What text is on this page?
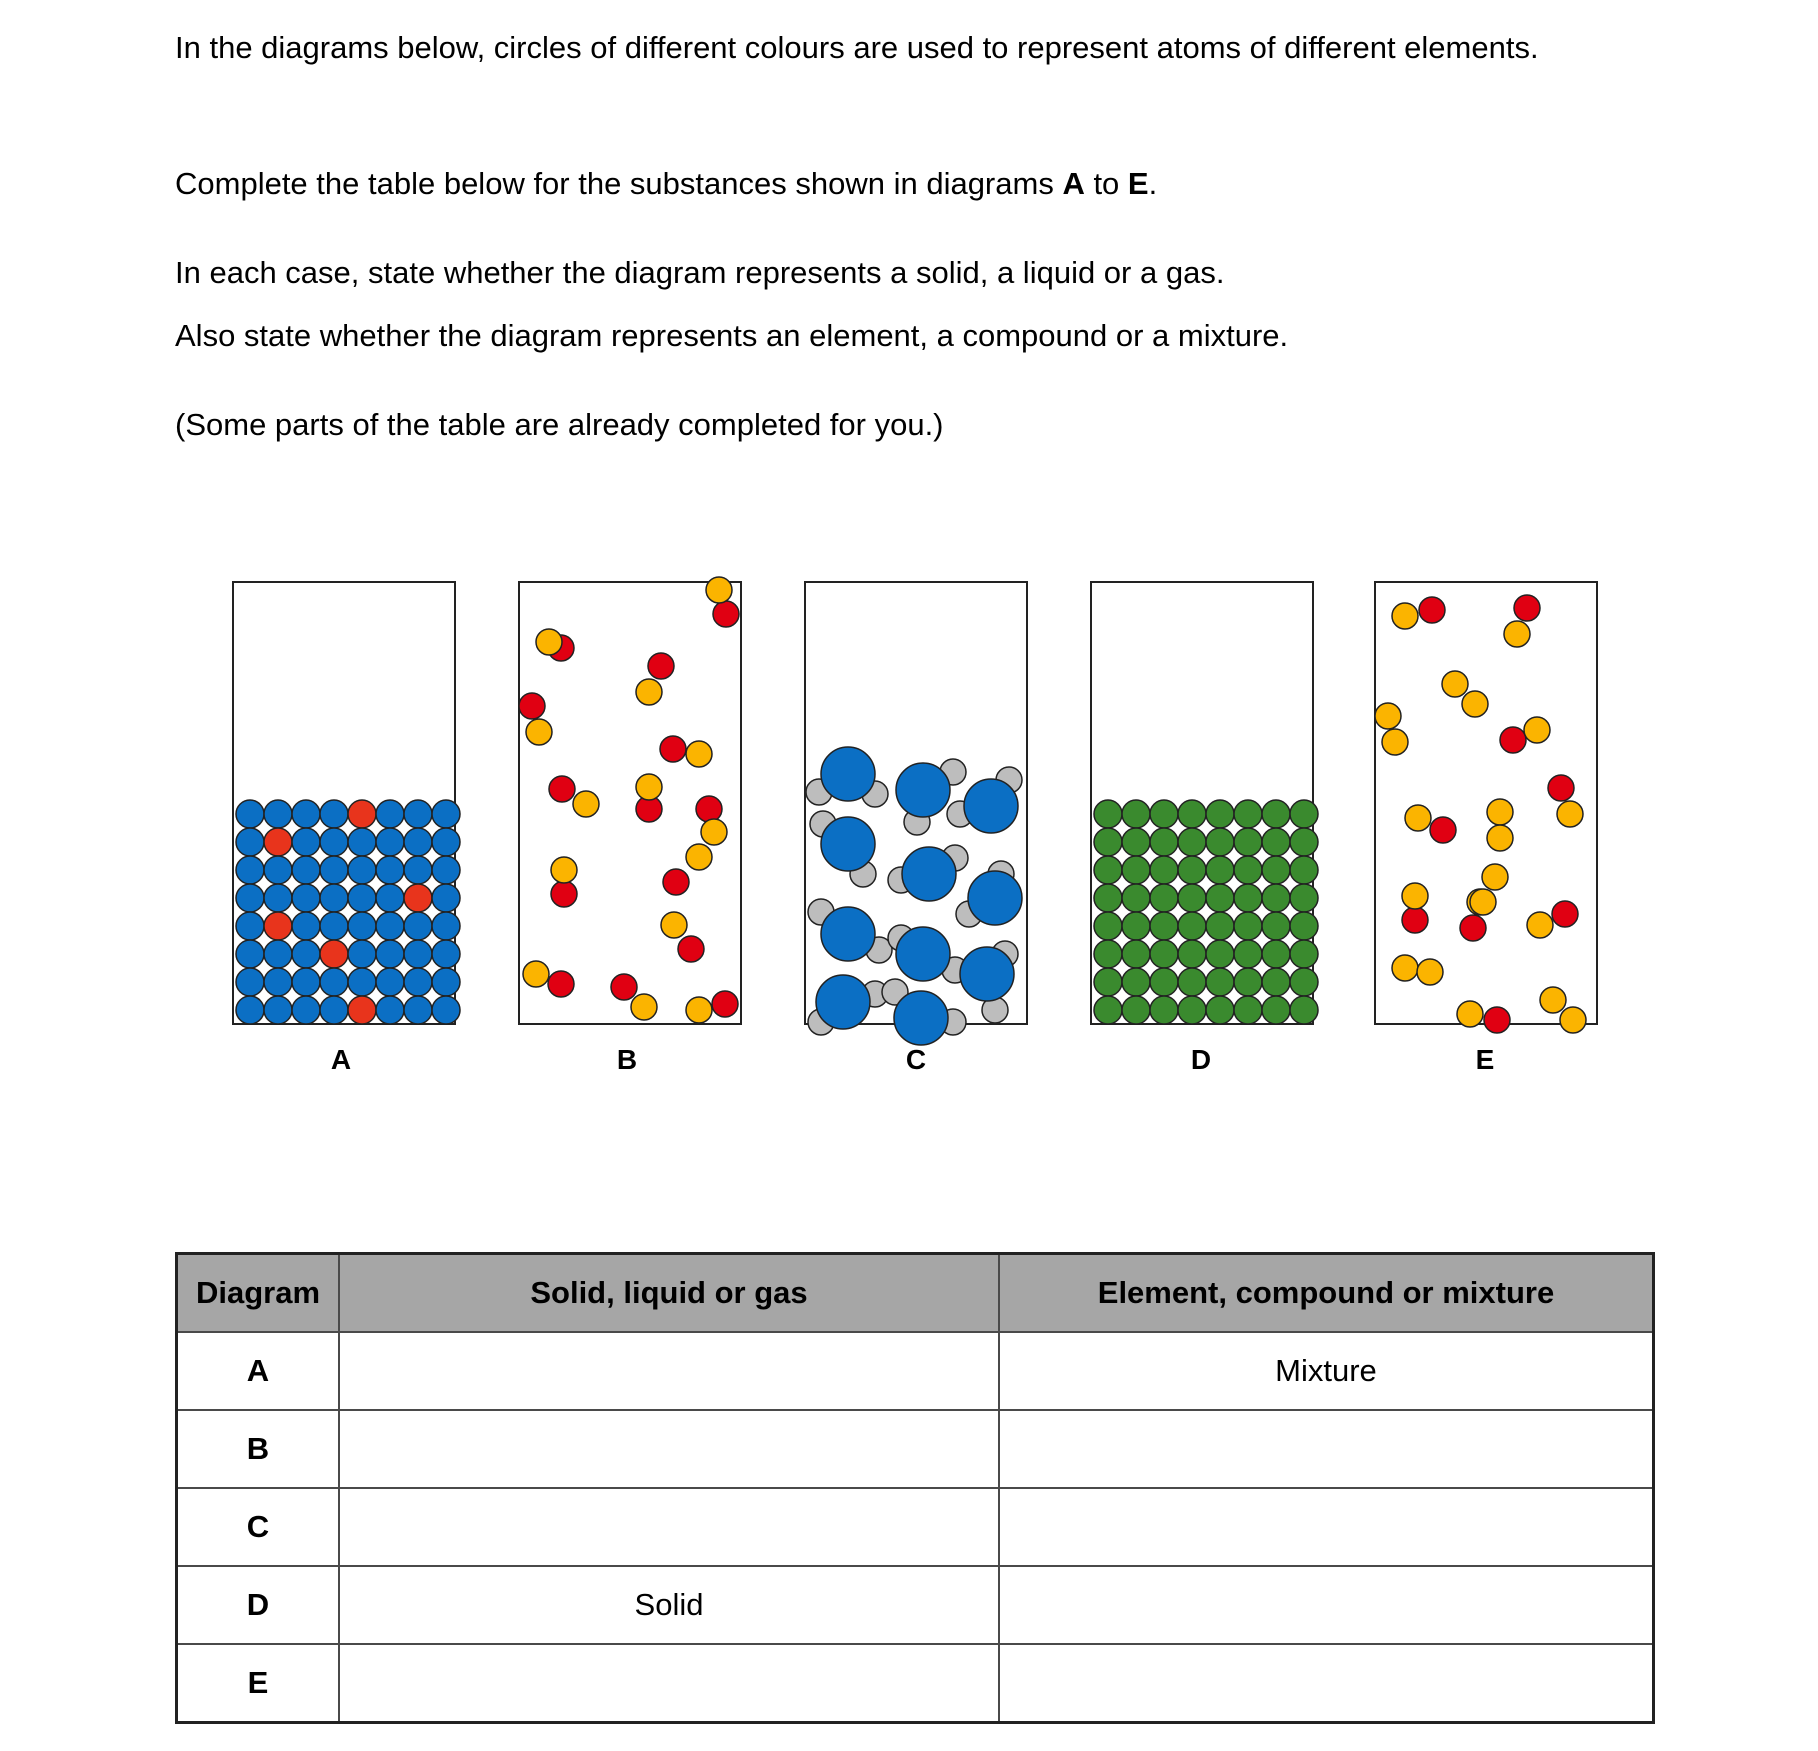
In the diagrams below, circles of different colours are used to represent atoms of different elements.

Complete the table below for the substances shown in diagrams A to E.

In each case, state whether the diagram represents a solid, a liquid or a gas.

Also state whether the diagram represents an element, a compound or a mixture.

(Some parts of the table are already completed for you.)

A	B	C	D	E
Diagram	Solid, liquid or gas	Element, compound or mixture
A		Mixture
B		
C		
D	Solid	
E		
